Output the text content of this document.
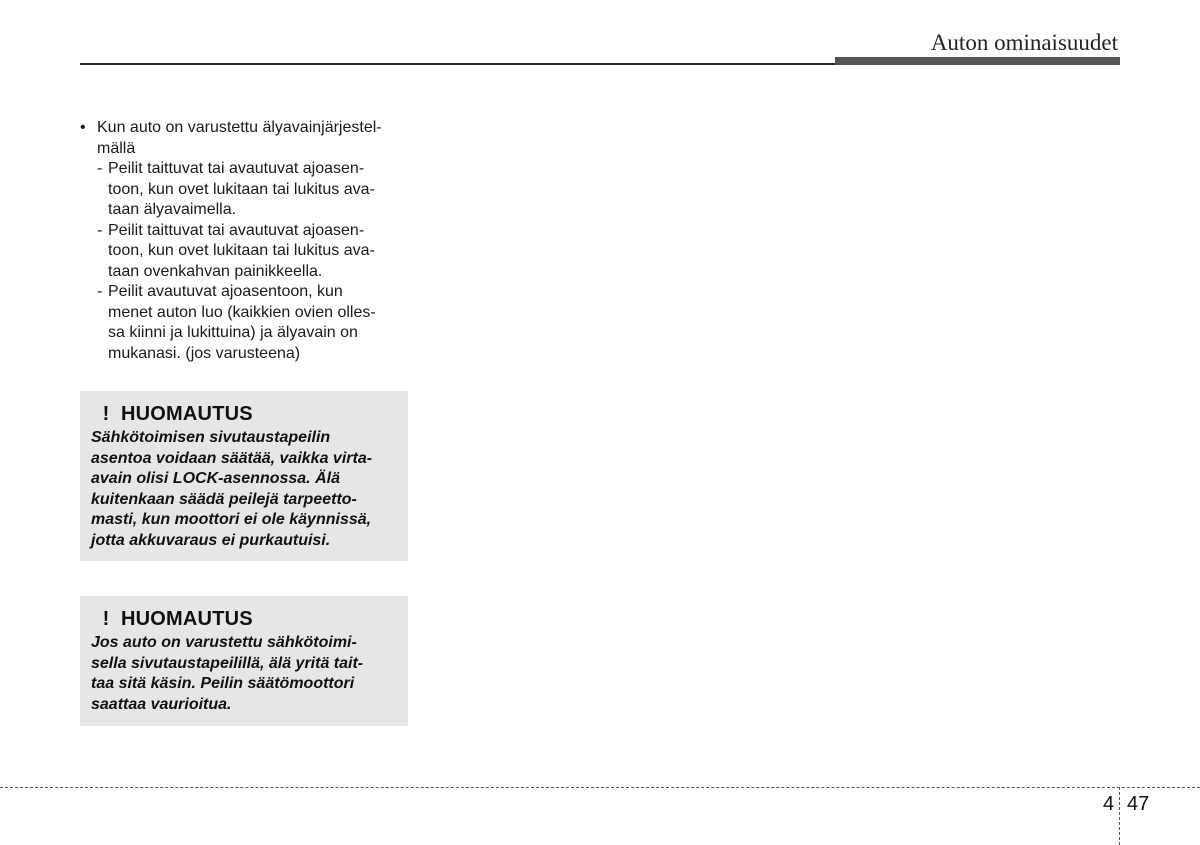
Auton ominaisuudet
• Kun auto on varustettu älyavainjärjestel-
mällä
- Peilit taittuvat tai avautuvat ajoasen-
toon, kun ovet lukitaan tai lukitus ava-
taan älyavaimella.
- Peilit taittuvat tai avautuvat ajoasen-
toon, kun ovet lukitaan tai lukitus ava-
taan ovenkahvan painikkeella.
- Peilit avautuvat ajoasentoon, kun
menet auton luo (kaikkien ovien olles-
sa kiinni ja lukittuina) ja älyavain on
mukanasi. (jos varusteena)
! HUOMAUTUS
Sähkötoimisen sivutaustapeilin
asentoa voidaan säätää, vaikka virta-
avain olisi LOCK-asennossa. Älä
kuitenkaan säädä peilejä tarpeetto-
masti, kun moottori ei ole käynnissä,
jotta akkuvaraus ei purkautuisi.
! HUOMAUTUS
Jos auto on varustettu sähkötoimi-
sella sivutaustapeilillä, älä yritä tait-
taa sitä käsin. Peilin säätömoottori
saattaa vaurioitua.
4 47
